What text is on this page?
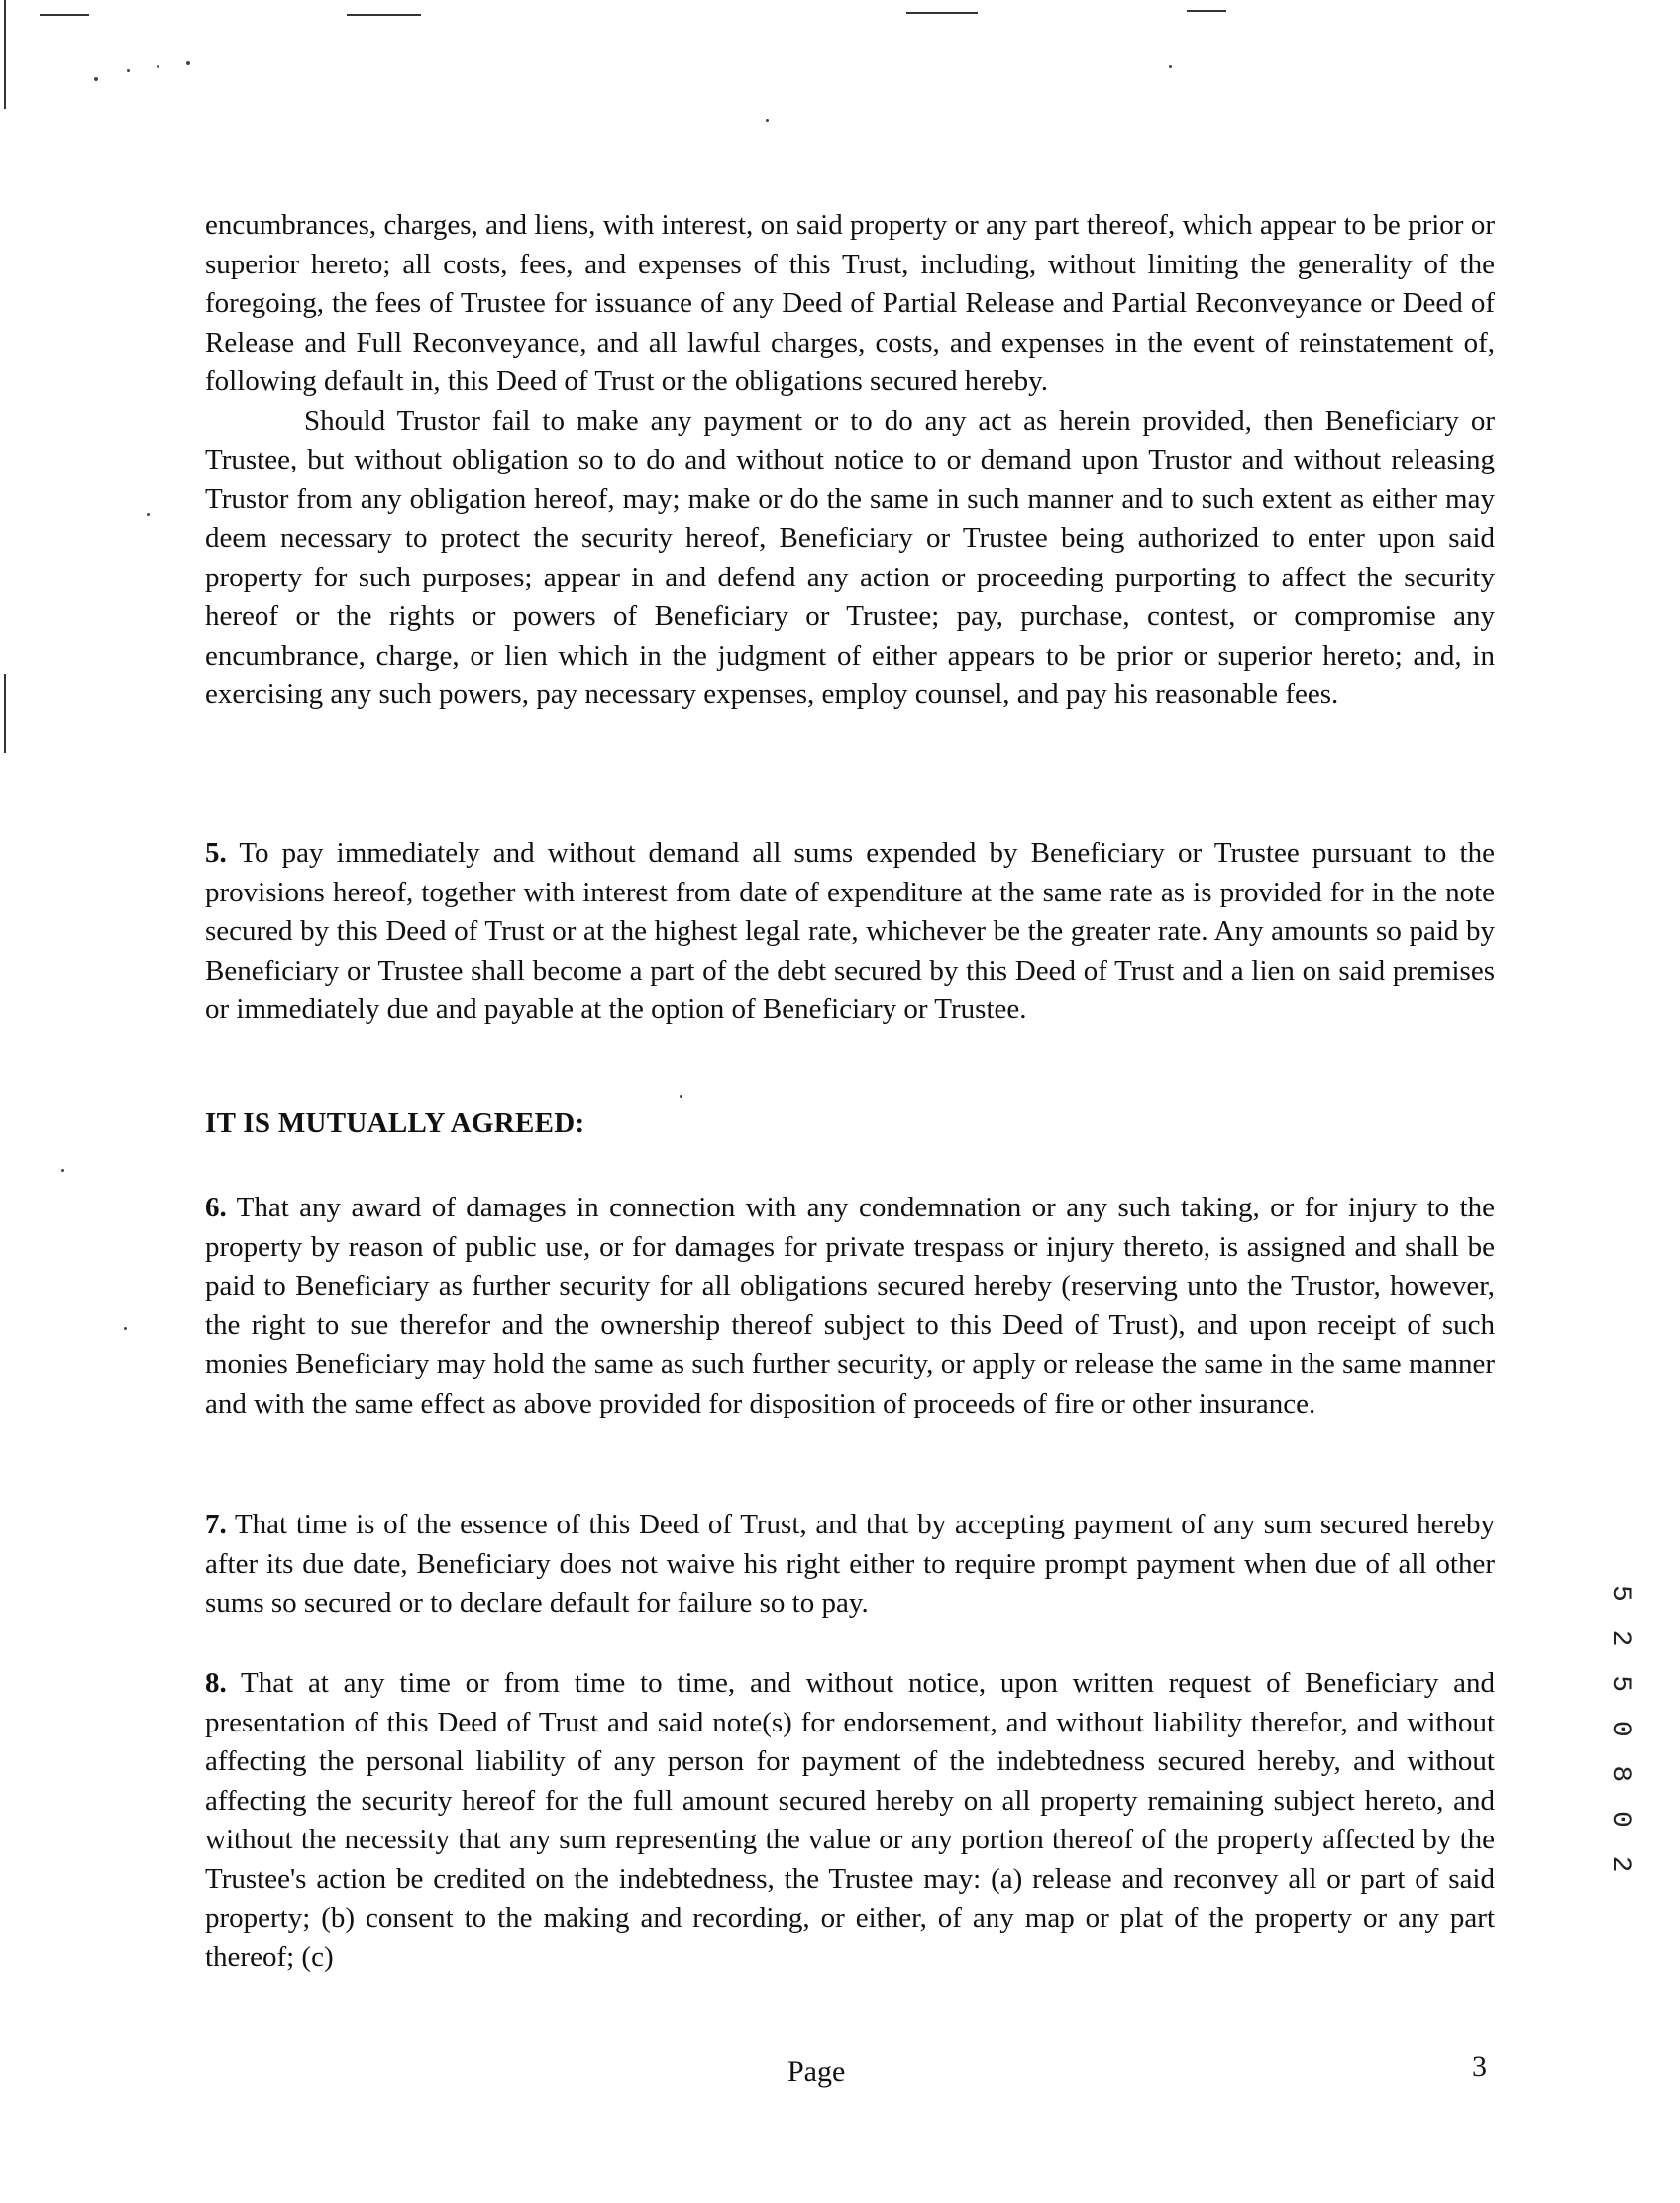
encumbrances, charges, and liens, with interest, on said property or any part thereof, which appear to be prior or superior hereto; all costs, fees, and expenses of this Trust, including, without limiting the generality of the foregoing, the fees of Trustee for issuance of any Deed of Partial Release and Partial Reconveyance or Deed of Release and Full Reconveyance, and all lawful charges, costs, and expenses in the event of reinstatement of, following default in, this Deed of Trust or the obligations secured hereby.

Should Trustor fail to make any payment or to do any act as herein provided, then Beneficiary or Trustee, but without obligation so to do and without notice to or demand upon Trustor and without releasing Trustor from any obligation hereof, may; make or do the same in such manner and to such extent as either may deem necessary to protect the security hereof, Beneficiary or Trustee being authorized to enter upon said property for such purposes; appear in and defend any action or proceeding purporting to affect the security hereof or the rights or powers of Beneficiary or Trustee; pay, purchase, contest, or compromise any encumbrance, charge, or lien which in the judgment of either appears to be prior or superior hereto; and, in exercising any such powers, pay necessary expenses, employ counsel, and pay his reasonable fees.

5. To pay immediately and without demand all sums expended by Beneficiary or Trustee pursuant to the provisions hereof, together with interest from date of expenditure at the same rate as is provided for in the note secured by this Deed of Trust or at the highest legal rate, whichever be the greater rate. Any amounts so paid by Beneficiary or Trustee shall become a part of the debt secured by this Deed of Trust and a lien on said premises or immediately due and payable at the option of Beneficiary or Trustee.

IT IS MUTUALLY AGREED:

6. That any award of damages in connection with any condemnation or any such taking, or for injury to the property by reason of public use, or for damages for private trespass or injury thereto, is assigned and shall be paid to Beneficiary as further security for all obligations secured hereby (reserving unto the Trustor, however, the right to sue therefor and the ownership thereof subject to this Deed of Trust), and upon receipt of such monies Beneficiary may hold the same as such further security, or apply or release the same in the same manner and with the same effect as above provided for disposition of proceeds of fire or other insurance.

7. That time is of the essence of this Deed of Trust, and that by accepting payment of any sum secured hereby after its due date, Beneficiary does not waive his right either to require prompt payment when due of all other sums so secured or to declare default for failure so to pay.

8. That at any time or from time to time, and without notice, upon written request of Beneficiary and presentation of this Deed of Trust and said note(s) for endorsement, and without liability therefor, and without affecting the personal liability of any person for payment of the indebtedness secured hereby, and without affecting the security hereof for the full amount secured hereby on all property remaining subject hereto, and without the necessity that any sum representing the value or any portion thereof of the property affected by the Trustee's action be credited on the indebtedness, the Trustee may: (a) release and reconvey all or part of said property; (b) consent to the making and recording, or either, of any map or plat of the property or any part thereof; (c)

5 2 5 0 8 0 2
Page	3
